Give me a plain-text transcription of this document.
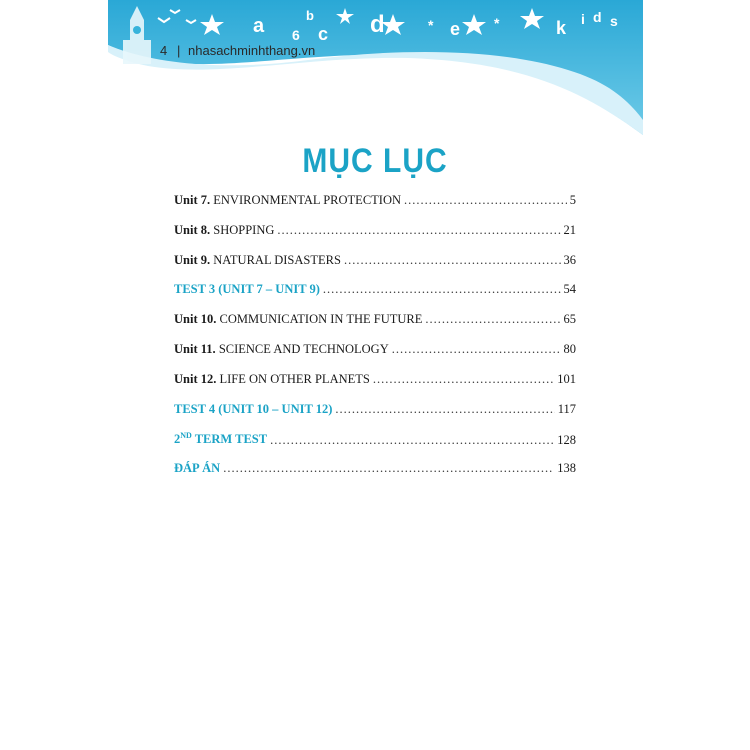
a	b
6 c d	* e *	k i d s
4 | nhasachminhthang.vn
MỤC LỤC
Unit 7. ENVIRONMENTAL PROTECTION .....	5
Unit 8. SHOPPING .....	21
Unit 9. NATURAL DISASTERS .....	36
TEST 3 (UNIT 7 – UNIT 9) .....	54
Unit 10. COMMUNICATION IN THE FUTURE .....	65
Unit 11. SCIENCE AND TECHNOLOGY .....	80
Unit 12. LIFE ON OTHER PLANETS .....	101
TEST 4 (UNIT 10 – UNIT 12) .....	117
2ND TERM TEST .....	128
ĐÁP ÁN .....	138
